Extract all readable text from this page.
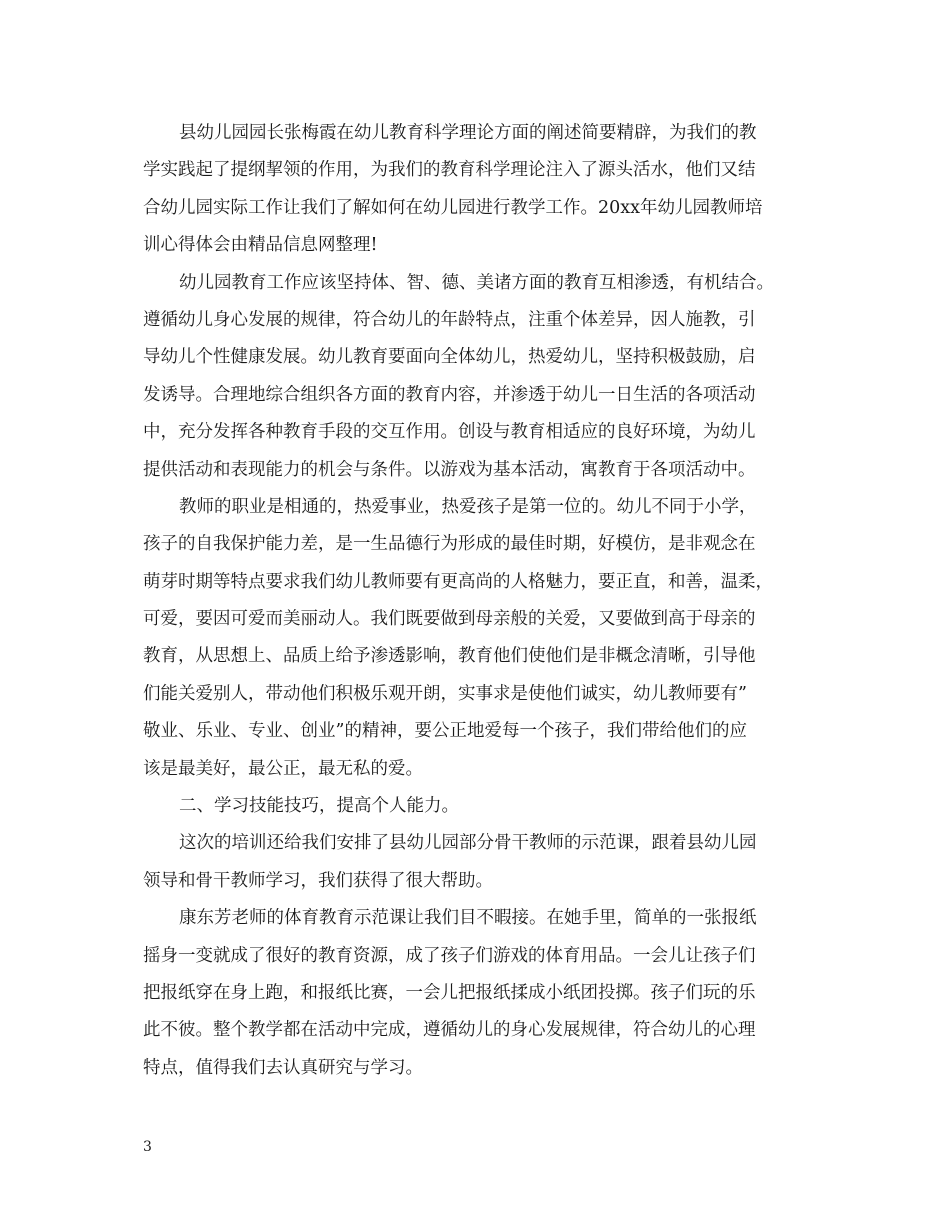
县幼儿园园长张梅霞在幼儿教育科学理论方面的阐述简要精辟，为我们的教
学实践起了提纲挈领的作用，为我们的教育科学理论注入了源头活水，他们又结
合幼儿园实际工作让我们了解如何在幼儿园进行教学工作。20xx年幼儿园教师培
训心得体会由精品信息网整理!
幼儿园教育工作应该坚持体、智、德、美诸方面的教育互相渗透，有机结合。
遵循幼儿身心发展的规律，符合幼儿的年龄特点，注重个体差异，因人施教，引
导幼儿个性健康发展。幼儿教育要面向全体幼儿，热爱幼儿，坚持积极鼓励，启
发诱导。合理地综合组织各方面的教育内容，并渗透于幼儿一日生活的各项活动
中，充分发挥各种教育手段的交互作用。创设与教育相适应的良好环境，为幼儿
提供活动和表现能力的机会与条件。以游戏为基本活动，寓教育于各项活动中。
教师的职业是相通的，热爱事业，热爱孩子是第一位的。幼儿不同于小学，
孩子的自我保护能力差，是一生品德行为形成的最佳时期，好模仿，是非观念在
萌芽时期等特点要求我们幼儿教师要有更高尚的人格魅力，要正直，和善，温柔，
可爱，要因可爱而美丽动人。我们既要做到母亲般的关爱，又要做到高于母亲的
教育，从思想上、品质上给予渗透影响，教育他们使他们是非概念清晰，引导他
们能关爱别人，带动他们积极乐观开朗，实事求是使他们诚实，幼儿教师要有”
敬业、乐业、专业、创业”的精神，要公正地爱每一个孩子，我们带给他们的应
该是最美好，最公正，最无私的爱。
二、学习技能技巧，提高个人能力。
这次的培训还给我们安排了县幼儿园部分骨干教师的示范课，跟着县幼儿园
领导和骨干教师学习，我们获得了很大帮助。
康东芳老师的体育教育示范课让我们目不暇接。在她手里，简单的一张报纸
摇身一变就成了很好的教育资源，成了孩子们游戏的体育用品。一会儿让孩子们
把报纸穿在身上跑，和报纸比赛，一会儿把报纸揉成小纸团投掷。孩子们玩的乐
此不彼。整个教学都在活动中完成，遵循幼儿的身心发展规律，符合幼儿的心理
特点，值得我们去认真研究与学习。
3
